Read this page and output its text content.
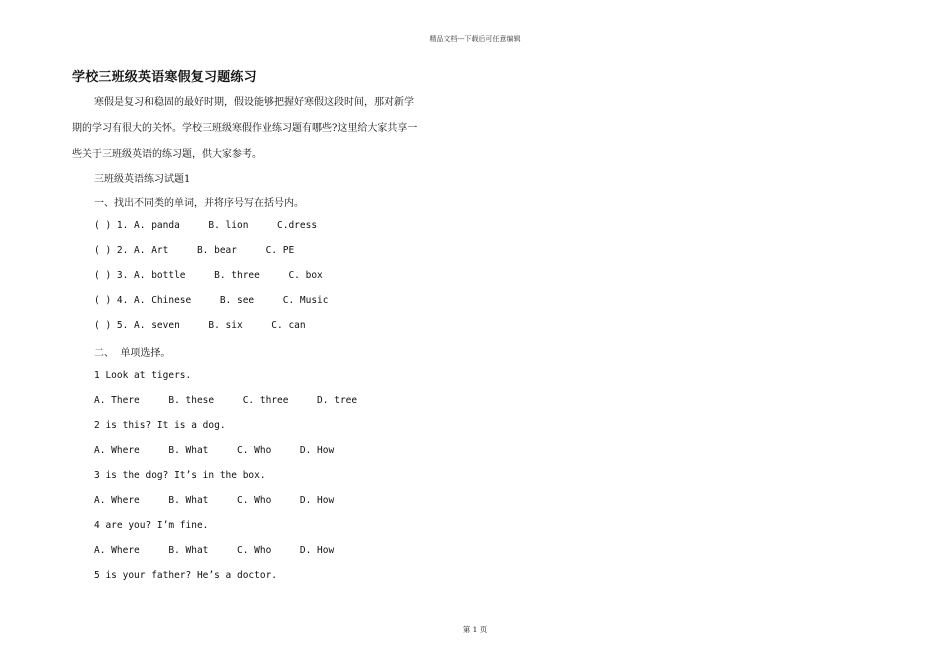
精品文档---下载后可任意编辑
学校三班级英语寒假复习题练习

寒假是复习和稳固的最好时期，假设能够把握好寒假这段时间，那对新学
期的学习有很大的关怀。学校三班级寒假作业练习题有哪些?这里给大家共享一
些关于三班级英语的练习题，供大家参考。

三班级英语练习试题1
一、找出不同类的单词，并将序号写在括号内。
( ) 1. A. panda     B. lion     C.dress
( ) 2. A. Art     B. bear     C. PE
( ) 3. A. bottle     B. three     C. box
( ) 4. A. Chinese     B. see     C. Music
( ) 5. A. seven     B. six     C. can
二、  单项选择。
1 Look at tigers.
A. There     B. these     C. three     D. tree
2 is this? It is a dog.
A. Where     B. What     C. Who     D. How
3 is the dog? It’s in the box.
A. Where     B. What     C. Who     D. How
4 are you? I’m fine.
A. Where     B. What     C. Who     D. How
5 is your father? He’s a doctor.
第 1 页
